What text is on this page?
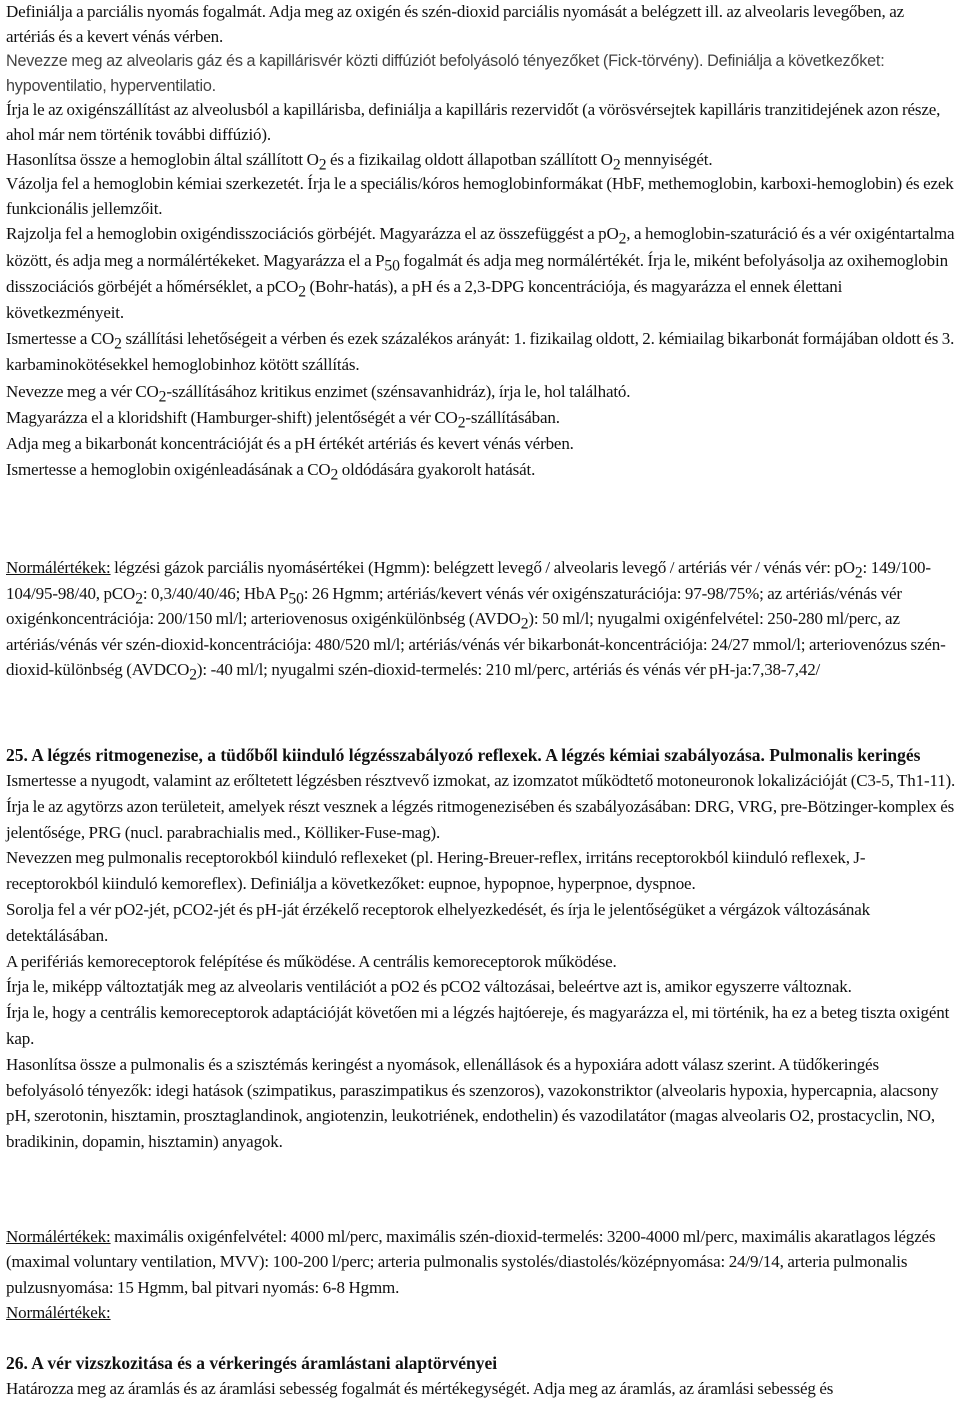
Definiálja a parciális nyomás fogalmát. Adja meg az oxigén és szén-dioxid parciális nyomását a belégzett ill. az alveolaris levegőben, az artériás és a kevert vénás vérben.

Nevezze meg az alveolaris gáz és a kapillárisvér közti diffúziót befolyásoló tényezőket (Fick-törvény). Definiálja a következőket: hypoventilatio, hyperventilatio.

Írja le az oxigénszállítást az alveolusból a kapillárisba, definiálja a kapilláris rezervidőt (a vörösvérsejtek kapilláris tranzitidejének azon része, ahol már nem történik további diffúzió).

Hasonlítsa össze a hemoglobin által szállított $O_2$ és a fizikailag oldott állapotban szállított $O_2$ mennyiségét.

Vázolja fel a hemoglobin kémiai szerkezetét. Írja le a speciális/kóros hemoglobinformákat (HbF, methemoglobin, karboxi-hemoglobin) és ezek funkcionális jellemzőit.

Rajzolja fel a hemoglobin oxigéndisszociációs görbéjét. Magyarázza el az összefüggést a $pO_2$, a hemoglobin-szaturáció és a vér oxigéntartalma között, és adja meg a normálértékeket. Magyarázza el a $P_{50}$ fogalmát és adja meg normálértékét. Írja le, miként befolyásolja az oxihemoglobin disszociációs görbéjét a hőmérséklet, a pCO$_2$ (Bohr-hatás), a pH és a 2,3-DPG koncentrációja, és magyarázza el ennek élettani következményeit.

Ismertesse a $CO_2$ szállítási lehetőségeit a vérben és ezek százalékos arányát: 1. fizikailag oldott, 2. kémiailag bikarbonát formájában oldott és 3. karbaminokötésekkel hemoglobinhoz kötött szállítás.

Nevezze meg a vér $CO_2$-szállításához kritikus enzimet (szénsavanhidráz), írja le, hol található.

Magyarázza el a kloridshift (Hamburger-shift) jelentőségét a vér $CO_2$-szállításában.

Adja meg a bikarbonát koncentrációját és a pH értékét artériás és kevert vénás vérben.

Ismertesse a hemoglobin oxigénleadásának a $CO_2$ oldódására gyakorolt hatását.

Normálértékek: légzési gázok parciális nyomásértékei (Hgmm): belégzett levegő / alveolaris levegő / artériás vér / vénás vér: $pO_2$: 149/100-104/95-98/40, pCO$_2$: 0,3/40/40/46; HbA $P_{50}$: 26 Hgmm; artériás/kevert vénás vér oxigénszaturációja: 97-98/75%; az artériás/vénás vér oxigénkoncentrációja: 200/150 ml/l; arteriovenosus oxigénkülönbség $(AVDO_2)$: 50 ml/l; nyugalmi oxigénfelvétel: 250-280 ml/perc, az artériás/vénás vér szén-dioxid-koncentrációja: 480/520 ml/l; artériás/vénás vér bikarbonát-koncentrációja: 24/27 mmol/l; arteriovenózus szén-dioxid-különbség $(AVDCO_2)$: -40 ml/l; nyugalmi szén-dioxid-termelés: 210 ml/perc, artériás és vénás vér pH-ja:7,38-7,42/

25. A légzés ritmogenezise, a tüdőből kiinduló légzésszabályozó reflexek. A légzés kémiai szabályozása. Pulmonalis keringés

Ismertesse a nyugodt, valamint az erőltetett légzésben résztvevő izmokat, az izomzatot működtető motoneuronok lokalizációját (C3-5, Th1-11). Írja le az agytörzs azon területeit, amelyek részt vesznek a légzés ritmogenezisében és szabályozásában: DRG, VRG, pre-Bötzinger-komplex és jelentősége, PRG (nucl. parabrachialis med., Kölliker-Fuse-mag).

Nevezzen meg pulmonalis receptorokból kiinduló reflexeket (pl. Hering-Breuer-reflex, irritáns receptorokból kiinduló reflexek, J-receptorokból kiinduló kemoreflex). Definiálja a következőket: eupnoe, hypopnoe, hyperpnoe, dyspnoe.

Sorolja fel a vér pO2-jét, pCO2-jét és pH-ját érzékelő receptorok elhelyezkedését, és írja le jelentőségüket a vérgázok változásának detektálásában.

A perifériás kemoreceptorok felépítése és működése. A centrális kemoreceptorok működése.

Írja le, miképp változtatják meg az alveolaris ventilációt a pO2 és pCO2 változásai, beleértve azt is, amikor egyszerre változnak.

Írja le, hogy a centrális kemoreceptorok adaptációját követően mi a légzés hajtóereje, és magyarázza el, mi történik, ha ez a beteg tiszta oxigént kap.

Hasonlítsa össze a pulmonalis és a szisztémás keringést a nyomások, ellenállások és a hypoxiára adott válasz szerint. A tüdőkeringés befolyásoló tényezők: idegi hatások (szimpatikus, paraszimpatikus és szenzoros), vazokonstriktor (alveolaris hypoxia, hypercapnia, alacsony pH, szerotonin, hisztamin, prosztaglandinok, angiotenzin, leukotriének, endothelin) és vazodilatátor (magas alveolaris O2, prostacyclin, NO, bradikinin, dopamin, hisztamin) anyagok.

Normálértékek: maximális oxigénfelvétel: 4000 ml/perc, maximális szén-dioxid-termelés: 3200-4000 ml/perc, maximális akaratlagos légzés (maximal voluntary ventilation, MVV): 100-200 l/perc; arteria pulmonalis systolés/diastolés/középnyomása: 24/9/14, arteria pulmonalis pulzusnyomása: 15 Hgmm, bal pitvari nyomás: 6-8 Hgmm.

Normálértékek:

26. A vér vizszkozitása és a vérkeringés áramlástani alaptörvényei

Határozza meg az áramlás és az áramlási sebesség fogalmát és mértékegységét. Adja meg az áramlás, az áramlási sebesség és
